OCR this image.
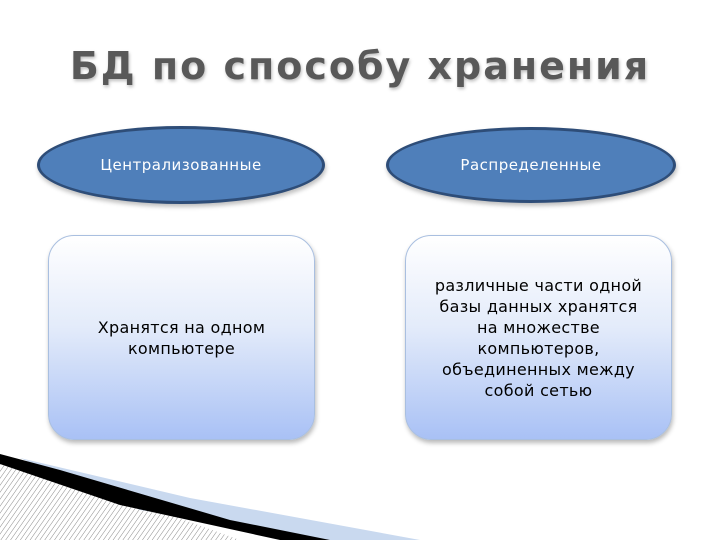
БД по способу хранения
Централизованные	Распределенные
Хранятся на одном
компьютере
различные части одной
базы данных хранятся
на множестве
компьютеров,
объединенных между
собой сетью
